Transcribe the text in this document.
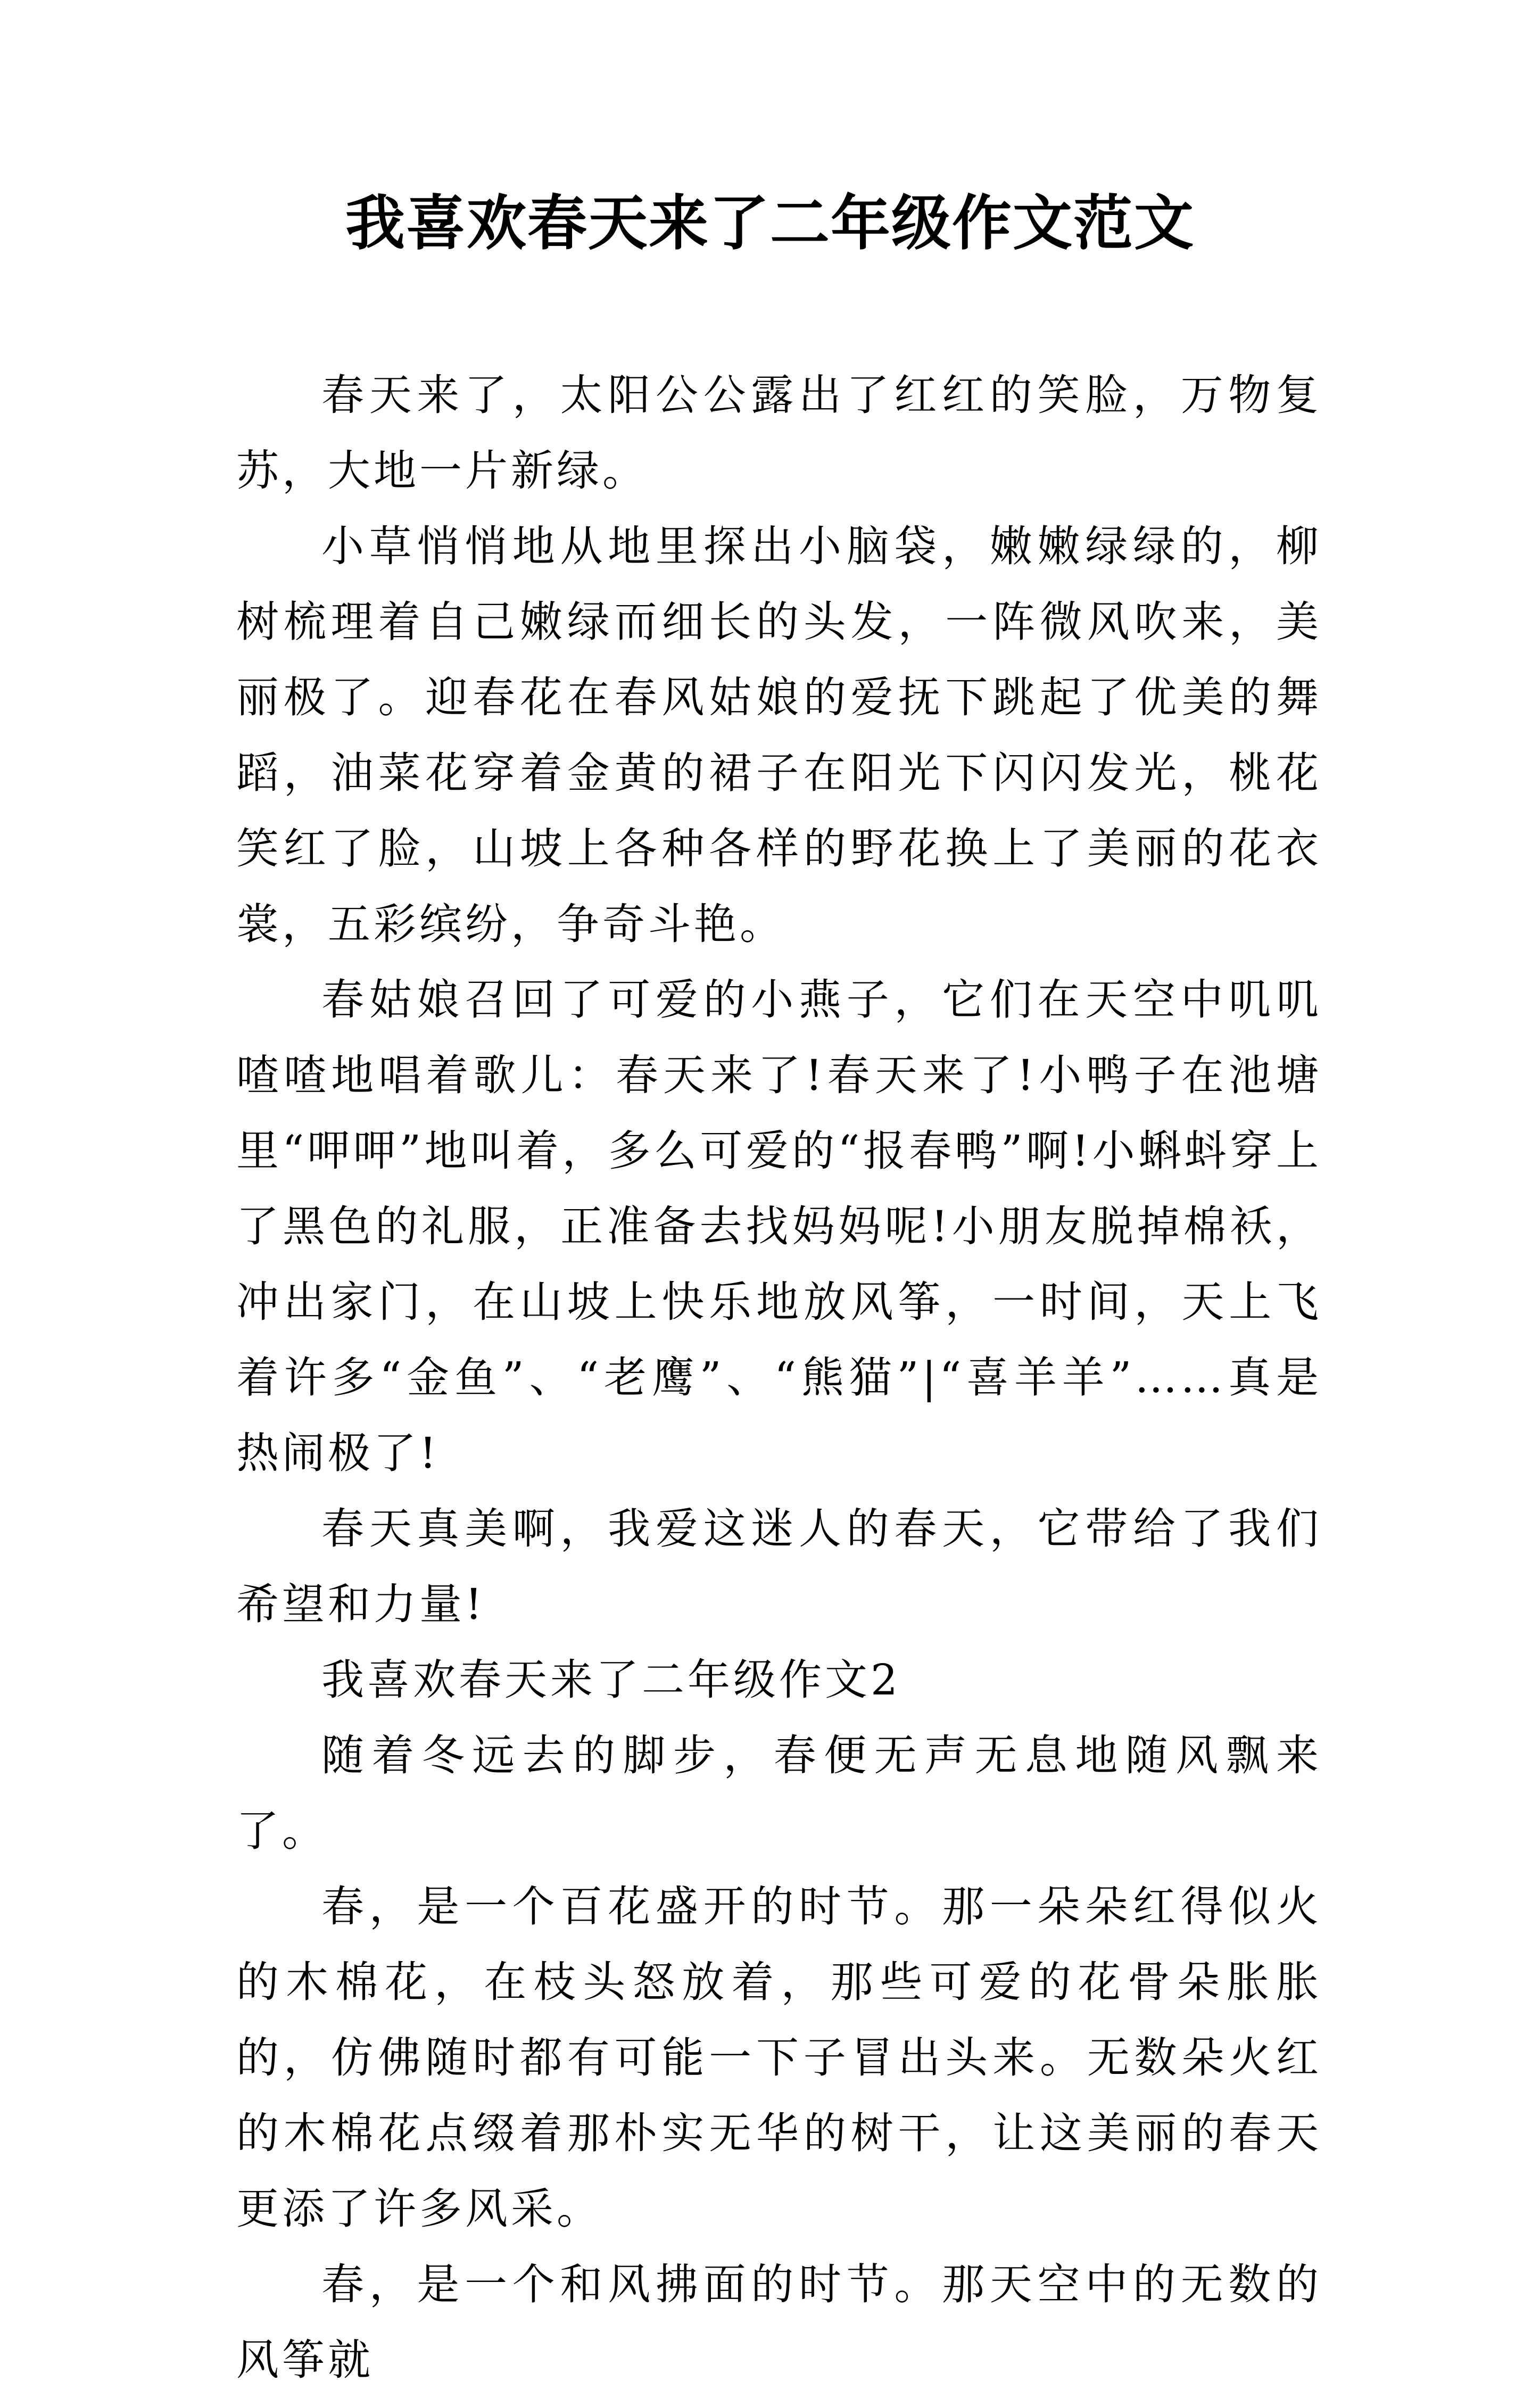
我喜欢春天来了二年级作文范文

春天来了，太阳公公露出了红红的笑脸，万物复苏，大地一片新绿。

小草悄悄地从地里探出小脑袋，嫩嫩绿绿的，柳树梳理着自己嫩绿而细长的头发，一阵微风吹来，美丽极了。迎春花在春风姑娘的爱抚下跳起了优美的舞蹈，油菜花穿着金黄的裙子在阳光下闪闪发光，桃花笑红了脸，山坡上各种各样的野花换上了美丽的花衣裳，五彩缤纷，争奇斗艳。

春姑娘召回了可爱的小燕子，它们在天空中叽叽喳喳地唱着歌儿：春天来了!春天来了!小鸭子在池塘里“呷呷”地叫着，多么可爱的“报春鸭”啊!小蝌蚪穿上了黑色的礼服，正准备去找妈妈呢!小朋友脱掉棉袄，冲出家门，在山坡上快乐地放风筝，一时间，天上飞着许多“金鱼”、“老鹰”、“熊猫”|“喜羊羊”……真是热闹极了!

春天真美啊，我爱这迷人的春天，它带给了我们希望和力量!

我喜欢春天来了二年级作文2

随着冬远去的脚步，春便无声无息地随风飘来了。

春，是一个百花盛开的时节。那一朵朵红得似火的木棉花，在枝头怒放着，那些可爱的花骨朵胀胀的，仿佛随时都有可能一下子冒出头来。无数朵火红的木棉花点缀着那朴实无华的树干，让这美丽的春天更添了许多风采。

春，是一个和风拂面的时节。那天空中的无数的风筝就
